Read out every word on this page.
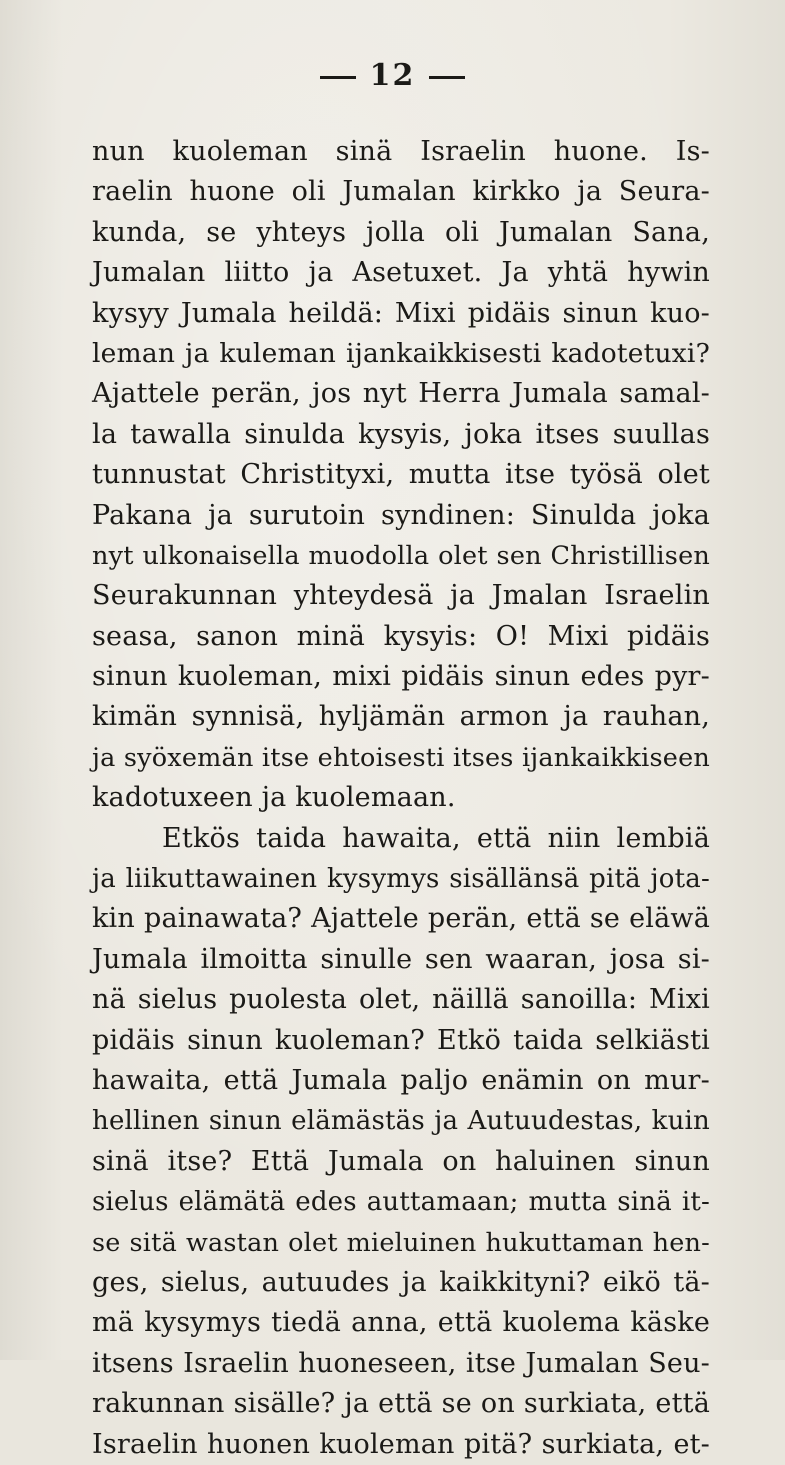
12
nun kuoleman sinä Israelin huone. Is-
raelin huone oli Jumalan kirkko ja Seura-
kunda, se yhteys jolla oli Jumalan Sana,
Jumalan liitto ja Asetuxet. Ja yhtä hywin
kysyy Jumala heildä: Mixi pidäis sinun kuo-
leman ja kuleman ijankaikkisesti kadotetuxi?
Ajattele perän, jos nyt Herra Jumala samal-
la tawalla sinulda kysyis, joka itses suullas
tunnustat Christityxi, mutta itse työsä olet
Pakana ja surutoin syndinen: Sinulda joka
nyt ulkonaisella muodolla olet sen Christillisen
Seurakunnan yhteydesä ja Jmalan Israelin
seasa, sanon minä kysyis: O! Mixi pidäis
sinun kuoleman, mixi pidäis sinun edes pyr-
kimän synnisä, hyljämän armon ja rauhan,
ja syöxemän itse ehtoisesti itses ijankaikkiseen
kadotuxeen ja kuolemaan.
Etkös taida hawaita, että niin lembiä
ja liikuttawainen kysymys sisällänsä pitä jota-
kin painawata? Ajattele perän, että se eläwä
Jumala ilmoitta sinulle sen waaran, josa si-
nä sielus puolesta olet, näillä sanoilla: Mixi
pidäis sinun kuoleman? Etkö taida selkiästi
hawaita, että Jumala paljo enämin on mur-
hellinen sinun elämästäs ja Autuudestas, kuin
sinä itse? Että Jumala on haluinen sinun
sielus elämätä edes auttamaan; mutta sinä it-
se sitä wastan olet mieluinen hukuttaman hen-
ges, sielus, autuudes ja kaikkityni? eikö tä-
mä kysymys tiedä anna, että kuolema käske
itsens Israelin huoneseen, itse Jumalan Seu-
rakunnan sisälle? ja että se on surkiata, että
Israelin huonen kuoleman pitä? surkiata, et-
